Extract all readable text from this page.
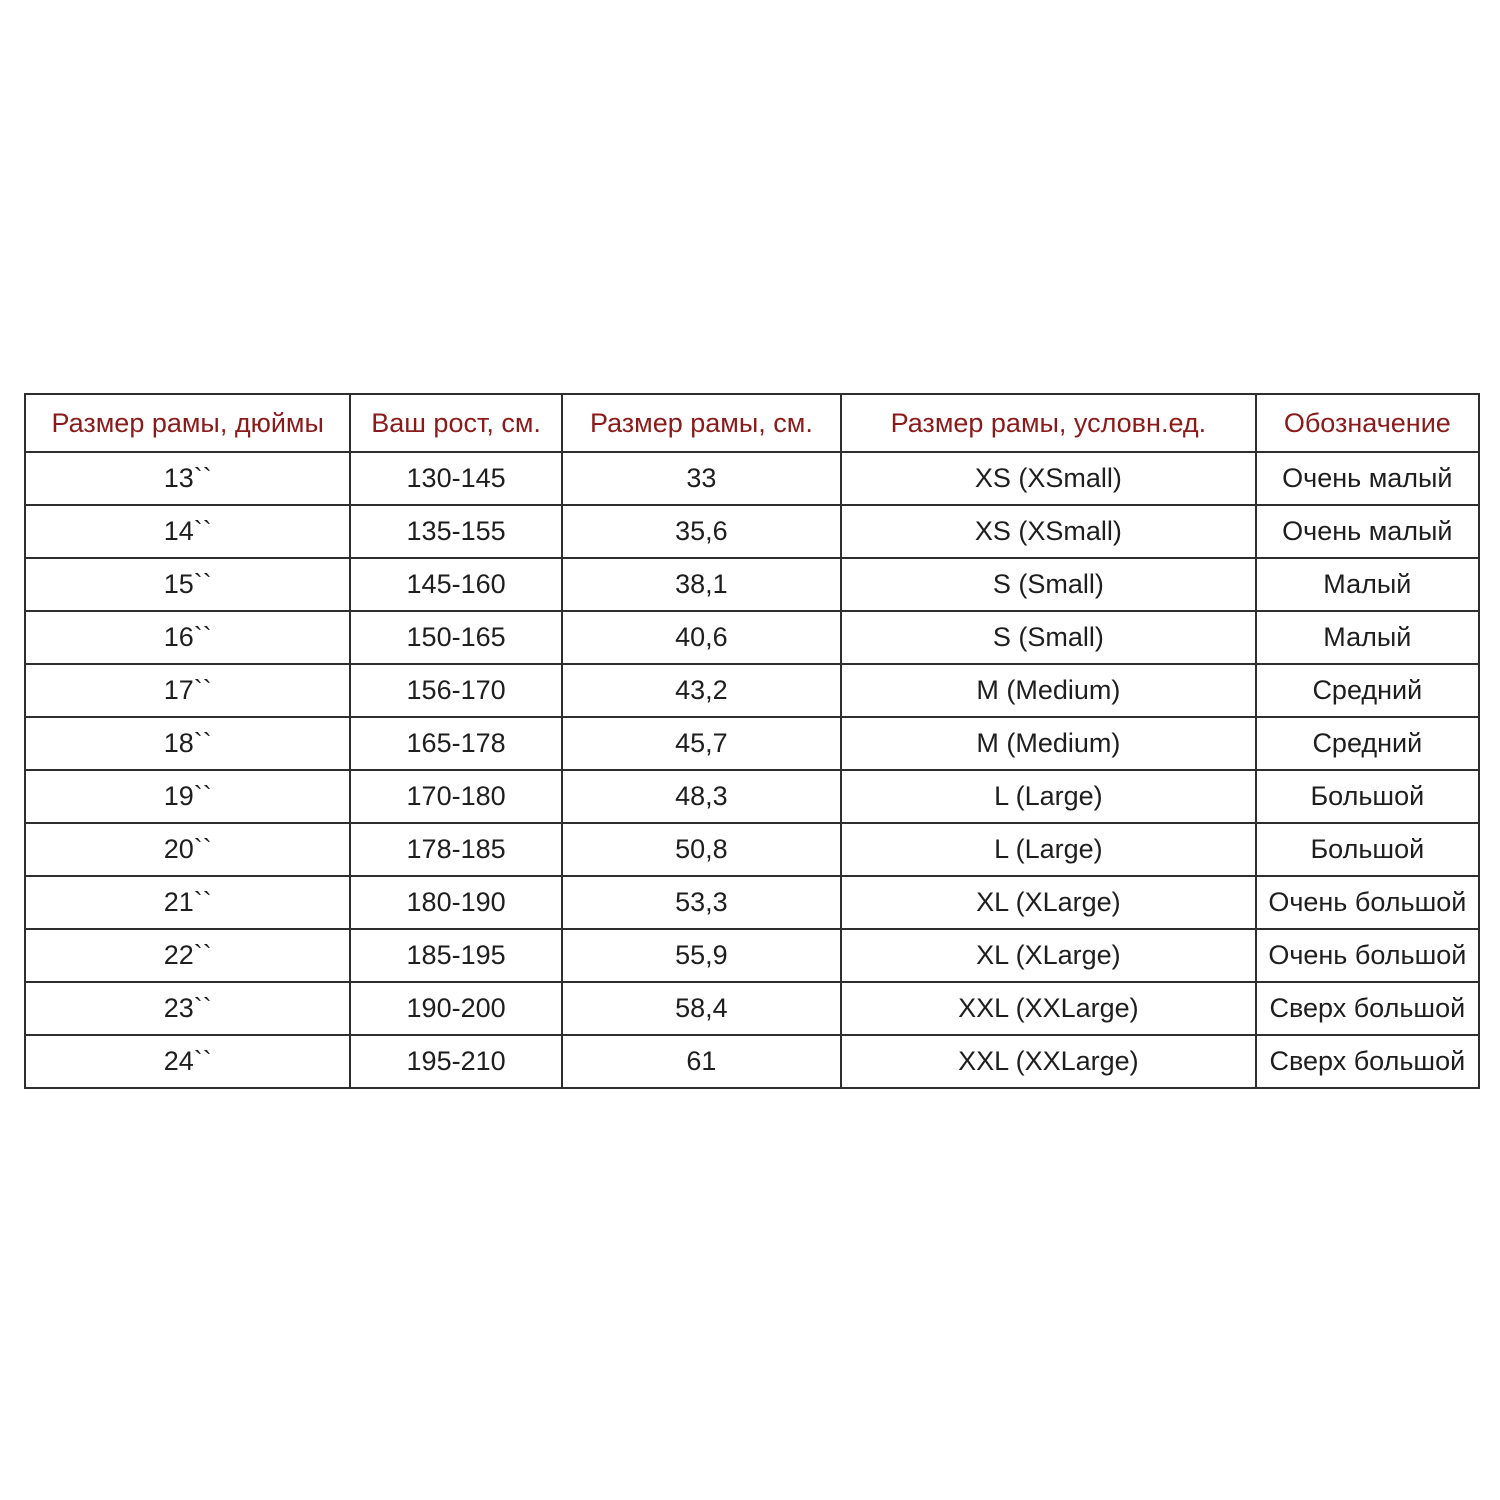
Размер рамы, дюймы	Ваш рост, см.	Размер рамы, см.	Размер рамы, условн.ед.	Обозначение
13``	130-145	33	XS (XSmall)	Очень малый
14``	135-155	35,6	XS (XSmall)	Очень малый
15``	145-160	38,1	S (Small)	Малый
16``	150-165	40,6	S (Small)	Малый
17``	156-170	43,2	M (Medium)	Средний
18``	165-178	45,7	M (Medium)	Средний
19``	170-180	48,3	L (Large)	Большой
20``	178-185	50,8	L (Large)	Большой
21``	180-190	53,3	XL (XLarge)	Очень большой
22``	185-195	55,9	XL (XLarge)	Очень большой
23``	190-200	58,4	XXL (XXLarge)	Сверх большой
24``	195-210	61	XXL (XXLarge)	Сверх большой
